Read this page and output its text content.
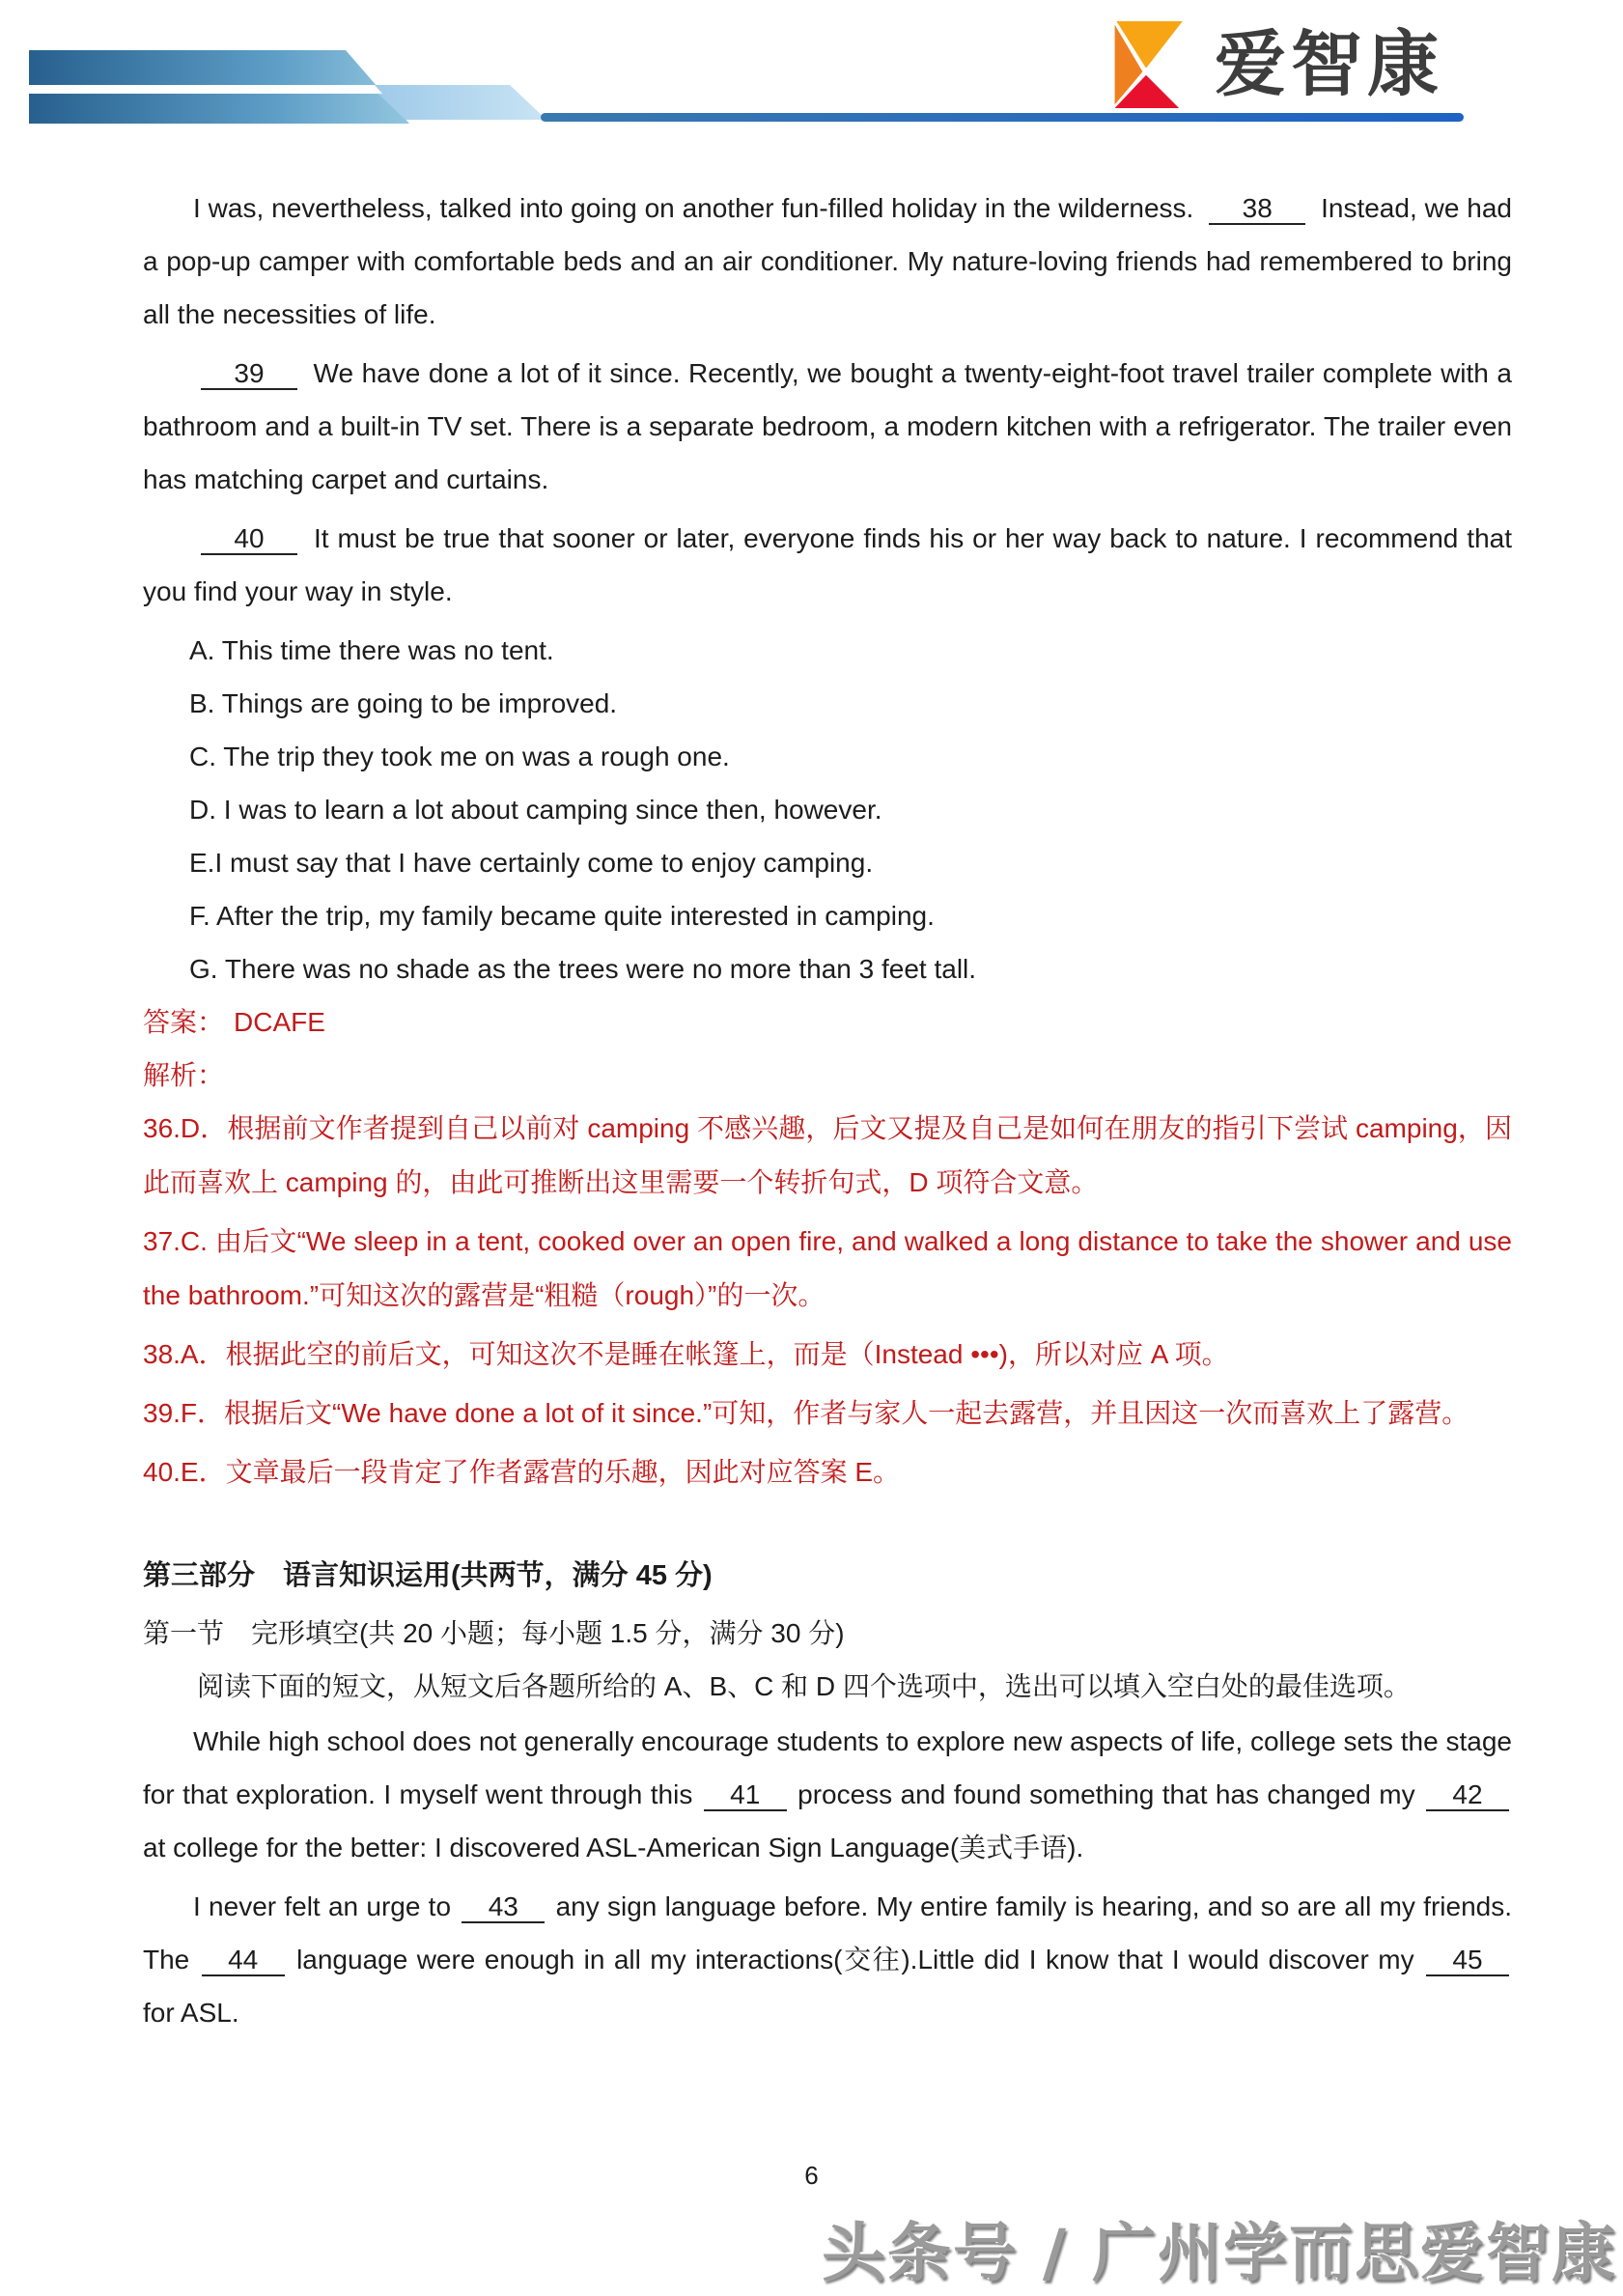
爱智康

I was, nevertheless, talked into going on another fun-filled holiday in the wilderness. 38 Instead, we had a pop-up camper with comfortable beds and an air conditioner. My nature-loving friends had remembered to bring all the necessities of life.

39 We have done a lot of it since. Recently, we bought a twenty-eight-foot travel trailer complete with a bathroom and a built-in TV set. There is a separate bedroom, a modern kitchen with a refrigerator. The trailer even has matching carpet and curtains.

40 It must be true that sooner or later, everyone finds his or her way back to nature. I recommend that you find your way in style.

A. This time there was no tent.
B. Things are going to be improved.
C. The trip they took me on was a rough one.
D. I was to learn a lot about camping since then, however.
E.I must say that I have certainly come to enjoy camping.
F. After the trip, my family became quite interested in camping.
G. There was no shade as the trees were no more than 3 feet tall.
答案： DCAFE
解析：

36.D．根据前文作者提到自己以前对 camping 不感兴趣，后文又提及自己是如何在朋友的指引下尝试 camping，因此而喜欢上 camping 的，由此可推断出这里需要一个转折句式，D 项符合文意。

37.C. 由后文“We sleep in a tent, cooked over an open fire, and walked a long distance to take the shower and use the bathroom.”可知这次的露营是“粗糙（rough）”的一次。

38.A．根据此空的前后文，可知这次不是睡在帐篷上，而是（Instead •••)，所以对应 A 项。

39.F．根据后文“We have done a lot of it since.”可知，作者与家人一起去露营，并且因这一次而喜欢上了露营。

40.E．文章最后一段肯定了作者露营的乐趣，因此对应答案 E。

第三部分　语言知识运用(共两节，满分 45 分)
第一节　完形填空(共 20 小题；每小题 1.5 分，满分 30 分)
阅读下面的短文，从短文后各题所给的 A、B、C 和 D 四个选项中，选出可以填入空白处的最佳选项。

While high school does not generally encourage students to explore new aspects of life, college sets the stage for that exploration. I myself went through this 41 process and found something that has changed my 42 at college for the better: I discovered ASL-American Sign Language(美式手语).

I never felt an urge to 43 any sign language before. My entire family is hearing, and so are all my friends. The 44 language were enough in all my interactions(交往).Little did I know that I would discover my 45 for ASL.

6
头条号 / 广州学而思爱智康
